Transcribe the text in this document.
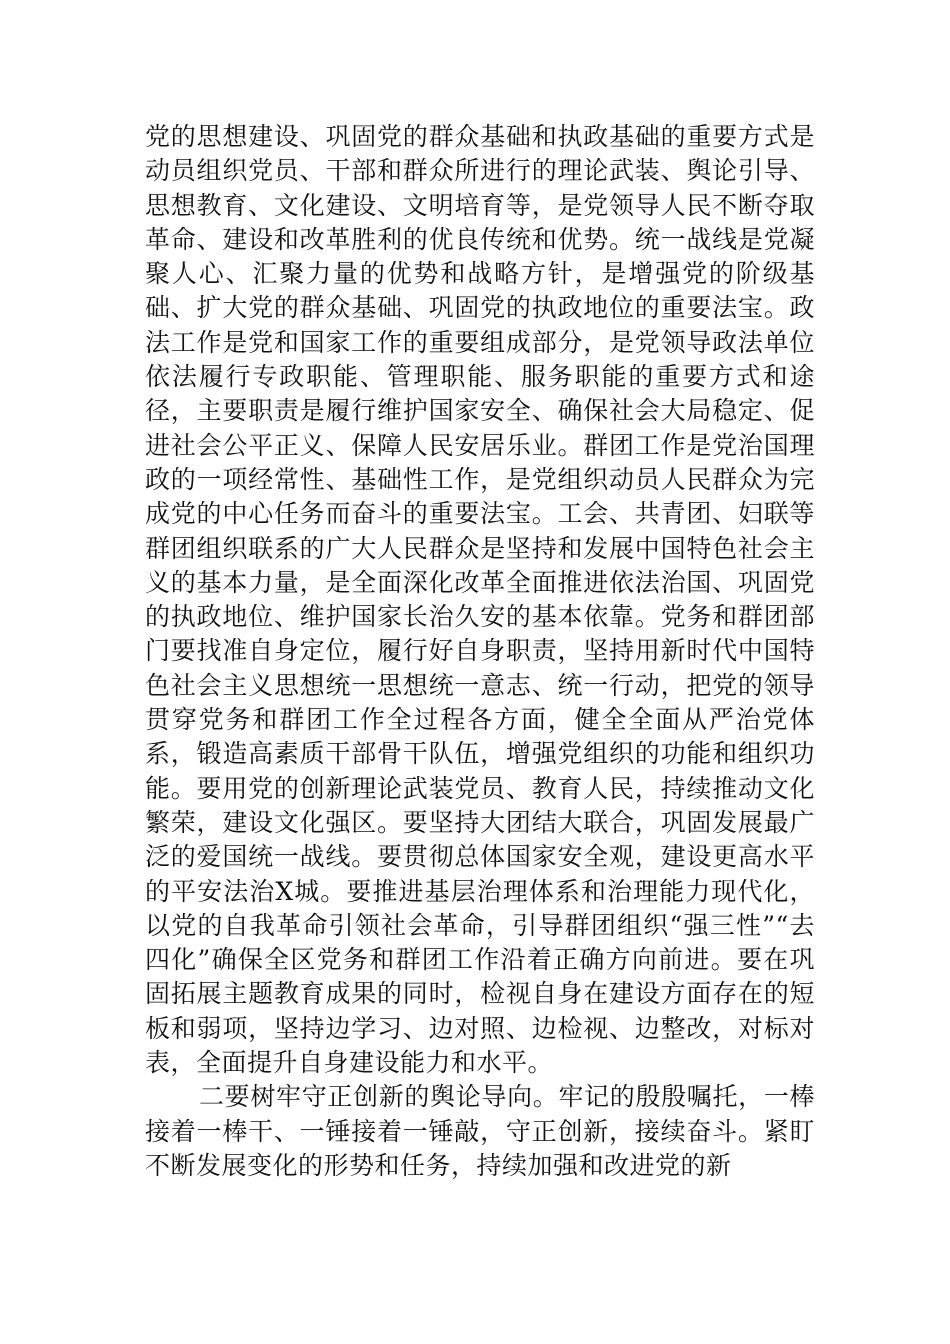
党的思想建设、巩固党的群众基础和执政基础的重要方式是动员组织党员、干部和群众所进行的理论武装、舆论引导、思想教育、文化建设、文明培育等，是党领导人民不断夺取革命、建设和改革胜利的优良传统和优势。统一战线是党凝聚人心、汇聚力量的优势和战略方针，是增强党的阶级基础、扩大党的群众基础、巩固党的执政地位的重要法宝。政法工作是党和国家工作的重要组成部分，是党领导政法单位依法履行专政职能、管理职能、服务职能的重要方式和途径，主要职责是履行维护国家安全、确保社会大局稳定、促进社会公平正义、保障人民安居乐业。群团工作是党治国理政的一项经常性、基础性工作，是党组织动员人民群众为完成党的中心任务而奋斗的重要法宝。工会、共青团、妇联等群团组织联系的广大人民群众是坚持和发展中国特色社会主义的基本力量，是全面深化改革全面推进依法治国、巩固党的执政地位、维护国家长治久安的基本依靠。党务和群团部门要找准自身定位，履行好自身职责，坚持用新时代中国特色社会主义思想统一思想统一意志、统一行动，把党的领导贯穿党务和群团工作全过程各方面，健全全面从严治党体系，锻造高素质干部骨干队伍，增强党组织的功能和组织功能。要用党的创新理论武装党员、教育人民，持续推动文化繁荣，建设文化强区。要坚持大团结大联合，巩固发展最广泛的爱国统一战线。要贯彻总体国家安全观，建设更高水平的平安法治X城。要推进基层治理体系和治理能力现代化，以党的自我革命引领社会革命，引导群团组织“强三性”“去四化”确保全区党务和群团工作沿着正确方向前进。要在巩固拓展主题教育成果的同时，检视自身在建设方面存在的短板和弱项，坚持边学习、边对照、边检视、边整改，对标对表，全面提升自身建设能力和水平。

二要树牢守正创新的舆论导向。牢记的殷殷嘱托，一棒接着一棒干、一锤接着一锤敲，守正创新，接续奋斗。紧盯不断发展变化的形势和任务，持续加强和改进党的新
